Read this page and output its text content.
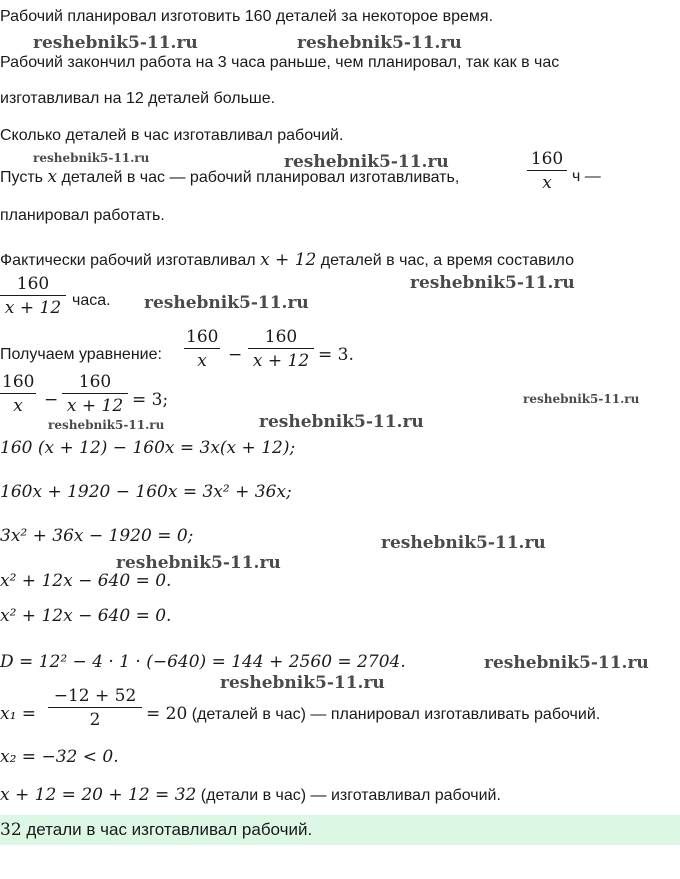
Рабочий планировал изготовить 160 деталей за некоторое время.
Рабочий закончил работа на 3 часа раньше, чем планировал, так как в час
изготавливал на 12 деталей больше.
Сколько деталей в час изготавливал рабочий.
Пусть x деталей в час — рабочий планировал изготавливать,
160
x	ч —
планировал работать.
Фактически рабочий изготавливал x + 12 деталей в час, а время составило
160
x + 12 часа.
Получаем уравнение:
160
x	−
160
x + 12 = 3.
160
x	−
160
x + 12 = 3;
160 (x + 12) − 160x = 3x(x + 12);
160x + 1920 − 160x = 3x² + 36x;
3x² + 36x − 1920 = 0;
x² + 12x − 640 = 0.
x² + 12x − 640 = 0.
D = 12² − 4 · 1 · (−640) = 144 + 2560 = 2704.
x₁ =
−12 + 52
2	= 20 (деталей в час) — планировал изготавливать рабочий.
x₂ = −32 < 0.
x + 12 = 20 + 12 = 32 (детали в час) — изготавливал рабочий.
32 детали в час изготавливал рабочий.
reshebnik5-11.ru	reshebnik5-11.ru
reshebnik5-11.ru	reshebnik5-11.ru
reshebnik5-11.ru
reshebnik5-11.ru
reshebnik5-11.ru
reshebnik5-11.ru	reshebnik5-11.ru
reshebnik5-11.ru
reshebnik5-11.ru
reshebnik5-11.ru
reshebnik5-11.ru
